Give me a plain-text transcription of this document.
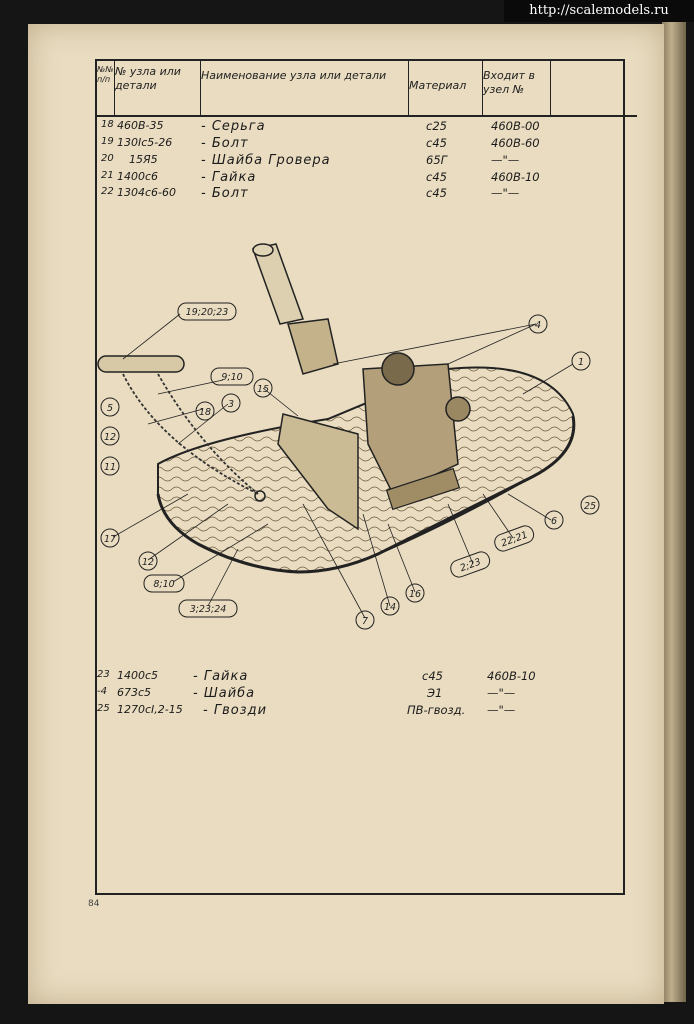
http://scalemodels.ru
№№ п/п
№ узла или детали
Наименование узла или детали
Материал
Входит в узел №
18 460В-35	- Серьга	с25	460В-00
19 130Iс5-26 - Болт	с45	460В-60
20 15Я5	- Шайба Гровера	65Г	—"—
21 1400с6	- Гайка	с45	460В-10
22 1304с6-60 - Болт	с45	—"—
23 1400с5	- Гайка	с45	460В-10
-4 673с5	- Шайба	Э1	—"—
25 1270сI,2-15 - Гвозди	ПВ-гвозд. —"—
84
1
4
6
25
19;20;23
9;10
15
3
18
5
12
11
17
12
8;10
3;23;24
7
14
16
2;23
22;21
